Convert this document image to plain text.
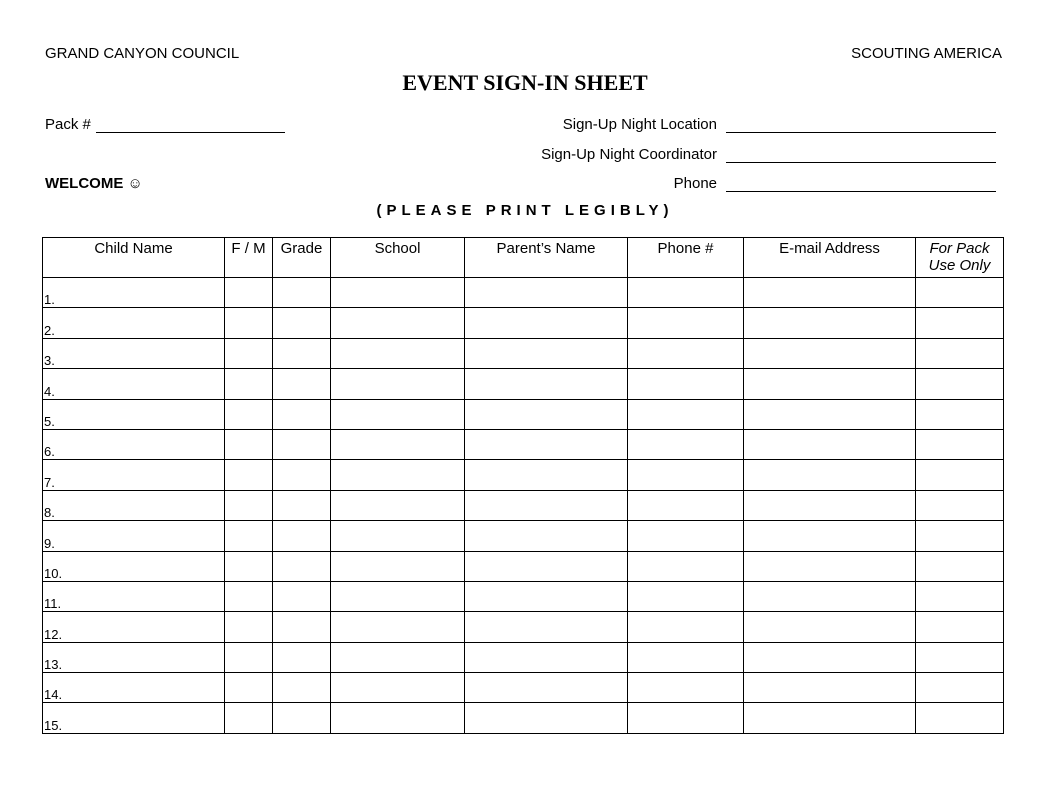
GRAND CANYON COUNCIL	SCOUTING AMERICA
EVENT SIGN-IN SHEET
Pack #	Sign-Up Night Location
Sign-Up Night Coordinator
WELCOME ☺	Phone
(PLEASE PRINT LEGIBLY)
Child Name	F / M	Grade	School	Parent’s Name	Phone #	E-mail Address	For Pack Use Only
1.							
2.							
3.							
4.							
5.							
6.							
7.							
8.							
9.							
10.							
11.							
12.							
13.							
14.							
15.							
